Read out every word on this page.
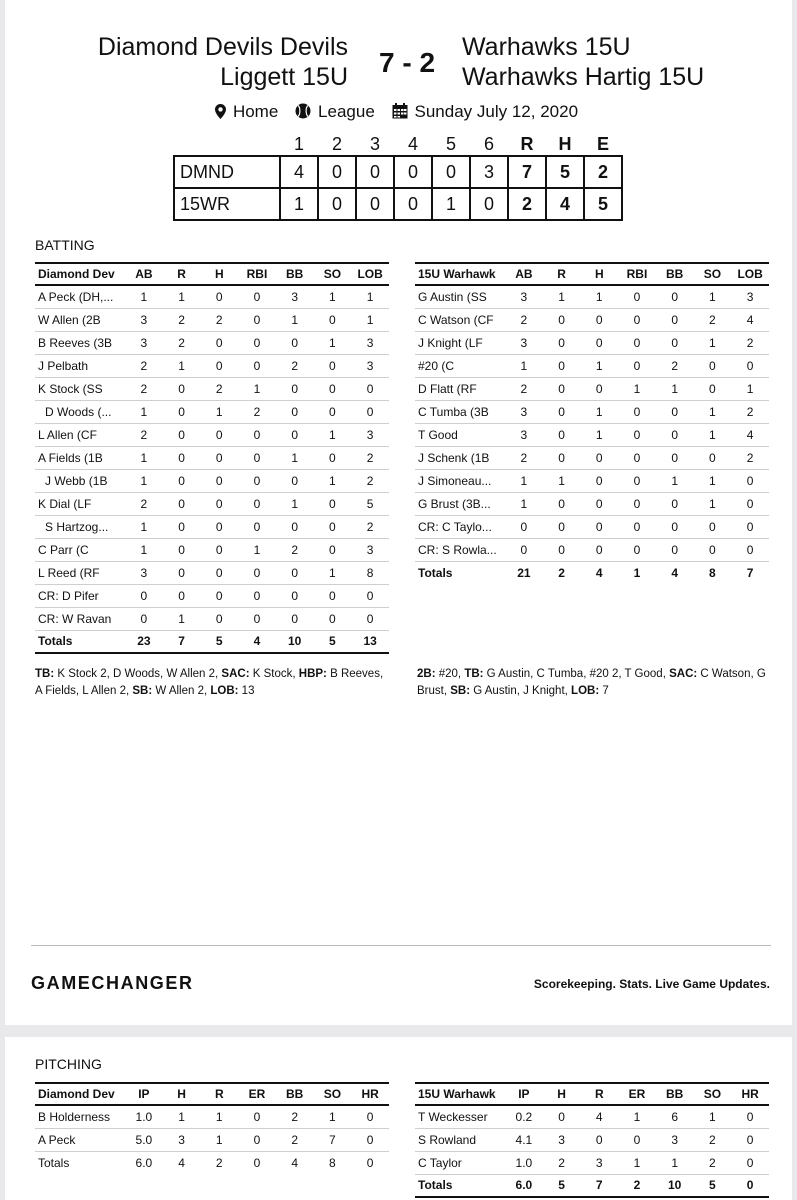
Diamond Devils Devils
Liggett 15U	7 - 2	Warhawks 15U
Warhawks Hartig 15U
Home League Sunday July 12, 2020
	1	2	3	4	5	6	R	H	E
DMND	4	0	0	0	0	3	7	5	2
15WR	1	0	0	0	1	0	2	4	5
BATTING
Diamond Dev	AB	R	H	RBI	BB	SO	LOB
A Peck (DH,...	1	1	0	0	3	1	1
W Allen (2B	3	2	2	0	1	0	1
B Reeves (3B	3	2	0	0	0	1	3
J Pelbath	2	1	0	0	2	0	3
K Stock (SS	2	0	2	1	0	0	0
D Woods (...	1	0	1	2	0	0	0
L Allen (CF	2	0	0	0	0	1	3
A Fields (1B	1	0	0	0	1	0	2
J Webb (1B	1	0	0	0	0	1	2
K Dial (LF	2	0	0	0	1	0	5
S Hartzog...	1	0	0	0	0	0	2
C Parr (C	1	0	0	1	2	0	3
L Reed (RF	3	0	0	0	0	1	8
CR: D Pifer	0	0	0	0	0	0	0
CR: W Ravan	0	1	0	0	0	0	0
Totals	23	7	5	4	10	5	13
15U Warhawk	AB	R	H	RBI	BB	SO	LOB
G Austin (SS	3	1	1	0	0	1	3
C Watson (CF	2	0	0	0	0	2	4
J Knight (LF	3	0	0	0	0	1	2
#20 (C	1	0	1	0	2	0	0
D Flatt (RF	2	0	0	1	1	0	1
C Tumba (3B	3	0	1	0	0	1	2
T Good	3	0	1	0	0	1	4
J Schenk (1B	2	0	0	0	0	0	2
J Simoneau...	1	1	0	0	1	1	0
G Brust (3B...	1	0	0	0	0	1	0
CR: C Taylo...	0	0	0	0	0	0	0
CR: S Rowla...	0	0	0	0	0	0	0
Totals	21	2	4	1	4	8	7
TB: K Stock 2, D Woods, W Allen 2, SAC: K Stock, HBP: B Reeves, A Fields, L Allen 2, SB: W Allen 2, LOB: 13
2B: #20, TB: G Austin, C Tumba, #20 2, T Good, SAC: C Watson, G Brust, SB: G Austin, J Knight, LOB: 7
GAMECHANGER	Scorekeeping. Stats. Live Game Updates.
PITCHING
Diamond Dev	IP	H	R	ER	BB	SO	HR
B Holderness	1.0	1	1	0	2	1	0
A Peck	5.0	3	1	0	2	7	0
Totals	6.0	4	2	0	4	8	0
15U Warhawk	IP	H	R	ER	BB	SO	HR
T Weckesser	0.2	0	4	1	6	1	0
S Rowland	4.1	3	0	0	3	2	0
C Taylor	1.0	2	3	1	1	2	0
Totals	6.0	5	7	2	10	5	0
